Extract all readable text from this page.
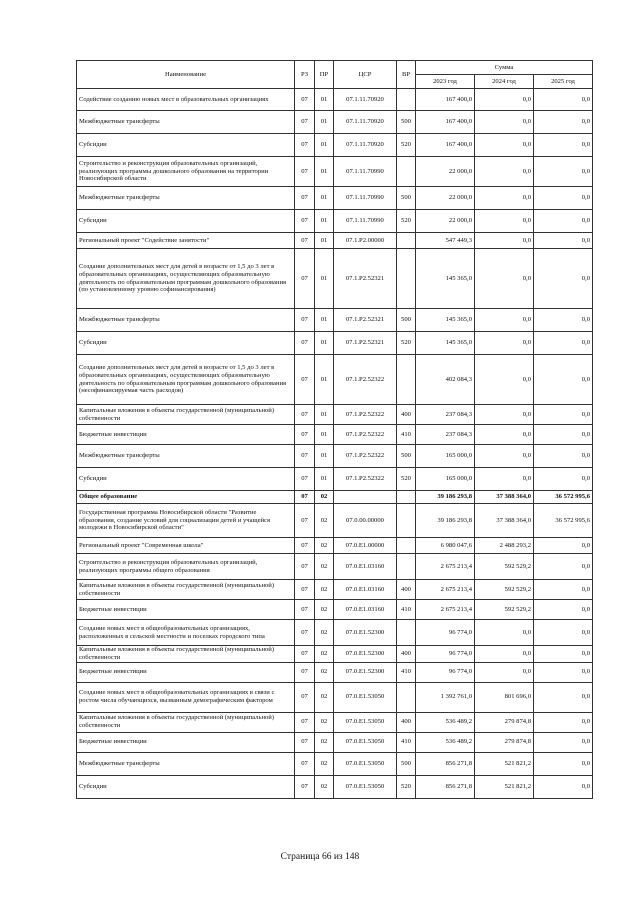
Наименование	РЗ	ПР	ЦСР	ВР	Сумма		
					2023 год	2024 год	2025 год
Содействие созданию новых мест в образовательных организациях	07	01	07.1.11.70920		167 400,0	0,0	0,0
Межбюджетные трансферты	07	01	07.1.11.70920	500	167 400,0	0,0	0,0
Субсидии	07	01	07.1.11.70920	520	167 400,0	0,0	0,0
Строительство и реконструкция образовательных организаций, реализующих программы дошкольного образования на территории Новосибирской области	07	01	07.1.11.70990		22 000,0	0,0	0,0
Межбюджетные трансферты	07	01	07.1.11.70990	500	22 000,0	0,0	0,0
Субсидии	07	01	07.1.11.70990	520	22 000,0	0,0	0,0
Региональный проект "Содействие занятости"	07	01	07.1.P2.00000		547 449,3	0,0	0,0
Создание дополнительных мест для детей в возрасте от 1,5 до 3 лет в образовательных организациях, осуществляющих образовательную деятельность по образовательным программам дошкольного образования (по установленному уровню софинансирования)	07	01	07.1.P2.52321		145 365,0	0,0	0,0
Межбюджетные трансферты	07	01	07.1.P2.52321	500	145 365,0	0,0	0,0
Субсидии	07	01	07.1.P2.52321	520	145 365,0	0,0	0,0
Создание дополнительных мест для детей в возрасте от 1,5 до 3 лет в образовательных организациях, осуществляющих образовательную деятельность по образовательным программам дошкольного образования (несофинансируемая часть расходов)	07	01	07.1.P2.52322		402 084,3	0,0	0,0
Капитальные вложения в объекты государственной (муниципальной) собственности	07	01	07.1.P2.52322	400	237 084,3	0,0	0,0
Бюджетные инвестиции	07	01	07.1.P2.52322	410	237 084,3	0,0	0,0
Межбюджетные трансферты	07	01	07.1.P2.52322	500	165 000,0	0,0	0,0
Субсидии	07	01	07.1.P2.52322	520	165 000,0	0,0	0,0
Общее образование	07	02			39 186 293,8	37 388 364,0	36 572 995,6
Государственная программа Новосибирской области "Развитие образования, создание условий для социализации детей и учащейся молодежи в Новосибирской области"	07	02	07.0.00.00000		39 186 293,8	37 388 364,0	36 572 995,6
Региональный проект "Современная школа"	07	02	07.0.E1.00000		6 980 047,6	2 488 293,2	0,0
Строительство и реконструкция образовательных организаций, реализующих программы общего образования	07	02	07.0.E1.03160		2 675 213,4	592 529,2	0,0
Капитальные вложения в объекты государственной (муниципальной) собственности	07	02	07.0.E1.03160	400	2 675 213,4	592 529,2	0,0
Бюджетные инвестиции	07	02	07.0.E1.03160	410	2 675 213,4	592 529,2	0,0
Создание новых мест в общеобразовательных организациях, расположенных в сельской местности и поселках городского типа	07	02	07.0.E1.52300		96 774,0	0,0	0,0
Капитальные вложения в объекты государственной (муниципальной) собственности	07	02	07.0.E1.52300	400	96 774,0	0,0	0,0
Бюджетные инвестиции	07	02	07.0.E1.52300	410	96 774,0	0,0	0,0
Создание новых мест в общеобразовательных организациях в связи с ростом числа обучающихся, вызванным демографическим фактором	07	02	07.0.E1.53050		1 392 761,0	801 696,0	0,0
Капитальные вложения в объекты государственной (муниципальной) собственности	07	02	07.0.E1.53050	400	536 489,2	279 874,8	0,0
Бюджетные инвестиции	07	02	07.0.E1.53050	410	536 489,2	279 874,8	0,0
Межбюджетные трансферты	07	02	07.0.E1.53050	500	856 271,8	521 821,2	0,0
Субсидии	07	02	07.0.E1.53050	520	856 271,8	521 821,2	0,0
Страница 66 из 148
